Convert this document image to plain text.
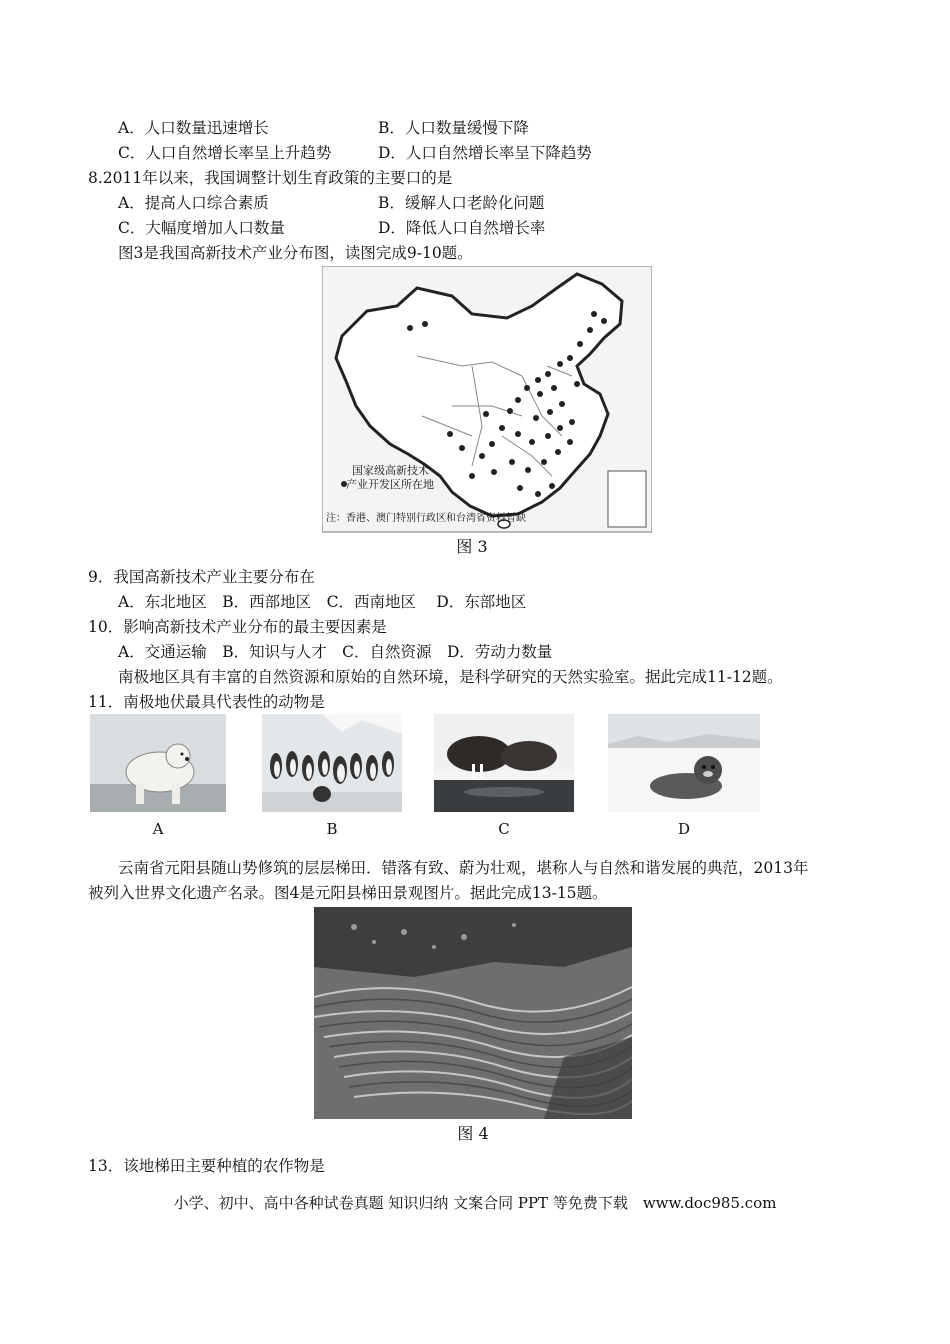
A．人口数量迅速增长	B．人口数量缓慢下降
C．人口自然增长率呈上升趋势	D．人口自然增长率呈下降趋势
8.2011年以来，我国调整计划生育政策的主要口的是
A．提高人口综合素质	B．缓解人口老龄化问题
C．大幅度增加人口数量	D．降低人口自然增长率
图3是我国高新技术产业分布图，读图完成9-10题。
国家级高新技术
产业开发区所在地
注：香港、澳门特别行政区和台湾省资料暂缺
图 3
9．我国高新技术产业主要分布在
A．东北地区　B．西部地区　C．西南地区　 D．东部地区
10．影响高新技术产业分布的最主要因素是
A．交通运输　B．知识与人才　C．自然资源　D．劳动力数量
南极地区具有丰富的自然资源和原始的自然环境，是科学研究的天然实验室。据此完成11-12题。
11．南极地伏最具代表性的动物是
A	B	C	D
云南省元阳县随山势修筑的层层梯田．错落有致、蔚为壮观，堪称人与自然和谐发展的典范，2013年
被列入世界文化遗产名录。图4是元阳县梯田景观图片。据此完成13-15题。
图 4
13．该地梯田主要种植的农作物是
小学、初中、高中各种试卷真题 知识归纳 文案合同 PPT 等免费下载　www.doc985.com
